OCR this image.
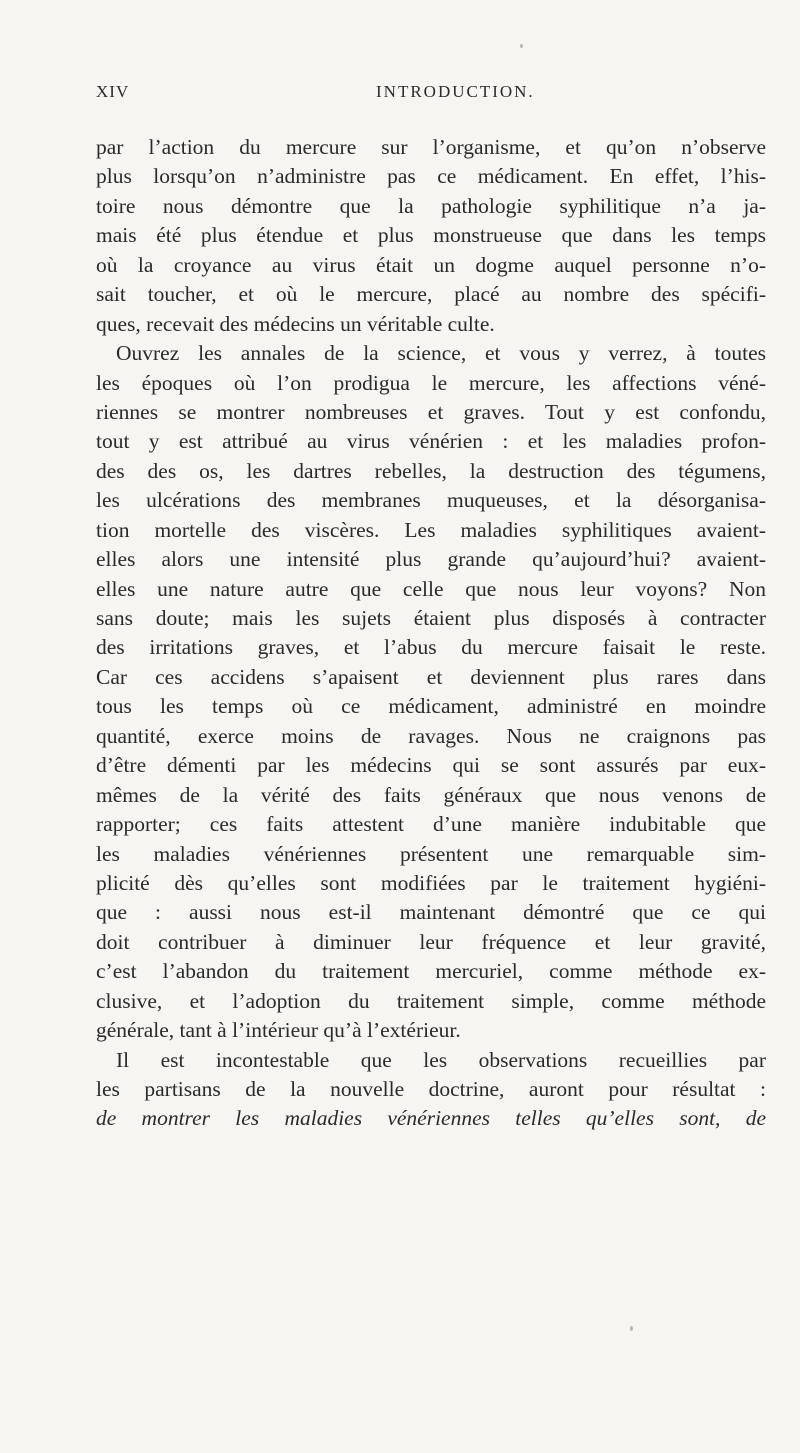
XIV	INTRODUCTION.
par l’action du mercure sur l’organisme, et qu’on n’observe
plus lorsqu’on n’administre pas ce médicament. En effet, l’his-
toire nous démontre que la pathologie syphilitique n’a ja-
mais été plus étendue et plus monstrueuse que dans les temps
où la croyance au virus était un dogme auquel personne n’o-
sait toucher, et où le mercure, placé au nombre des spécifi-
ques, recevait des médecins un véritable culte.
Ouvrez les annales de la science, et vous y verrez, à toutes
les époques où l’on prodigua le mercure, les affections véné-
riennes se montrer nombreuses et graves. Tout y est confondu,
tout y est attribué au virus vénérien : et les maladies profon-
des des os, les dartres rebelles, la destruction des tégumens,
les ulcérations des membranes muqueuses, et la désorganisa-
tion mortelle des viscères. Les maladies syphilitiques avaient-
elles alors une intensité plus grande qu’aujourd’hui? avaient-
elles une nature autre que celle que nous leur voyons? Non
sans doute; mais les sujets étaient plus disposés à contracter
des irritations graves, et l’abus du mercure faisait le reste.
Car ces accidens s’apaisent et deviennent plus rares dans
tous les temps où ce médicament, administré en moindre
quantité, exerce moins de ravages. Nous ne craignons pas
d’être démenti par les médecins qui se sont assurés par eux-
mêmes de la vérité des faits généraux que nous venons de
rapporter; ces faits attestent d’une manière indubitable que
les maladies vénériennes présentent une remarquable sim-
plicité dès qu’elles sont modifiées par le traitement hygiéni-
que : aussi nous est-il maintenant démontré que ce qui
doit contribuer à diminuer leur fréquence et leur gravité,
c’est l’abandon du traitement mercuriel, comme méthode ex-
clusive, et l’adoption du traitement simple, comme méthode
générale, tant à l’intérieur qu’à l’extérieur.
Il est incontestable que les observations recueillies par
les partisans de la nouvelle doctrine, auront pour résultat :
de montrer les maladies vénériennes telles qu’elles sont, de
